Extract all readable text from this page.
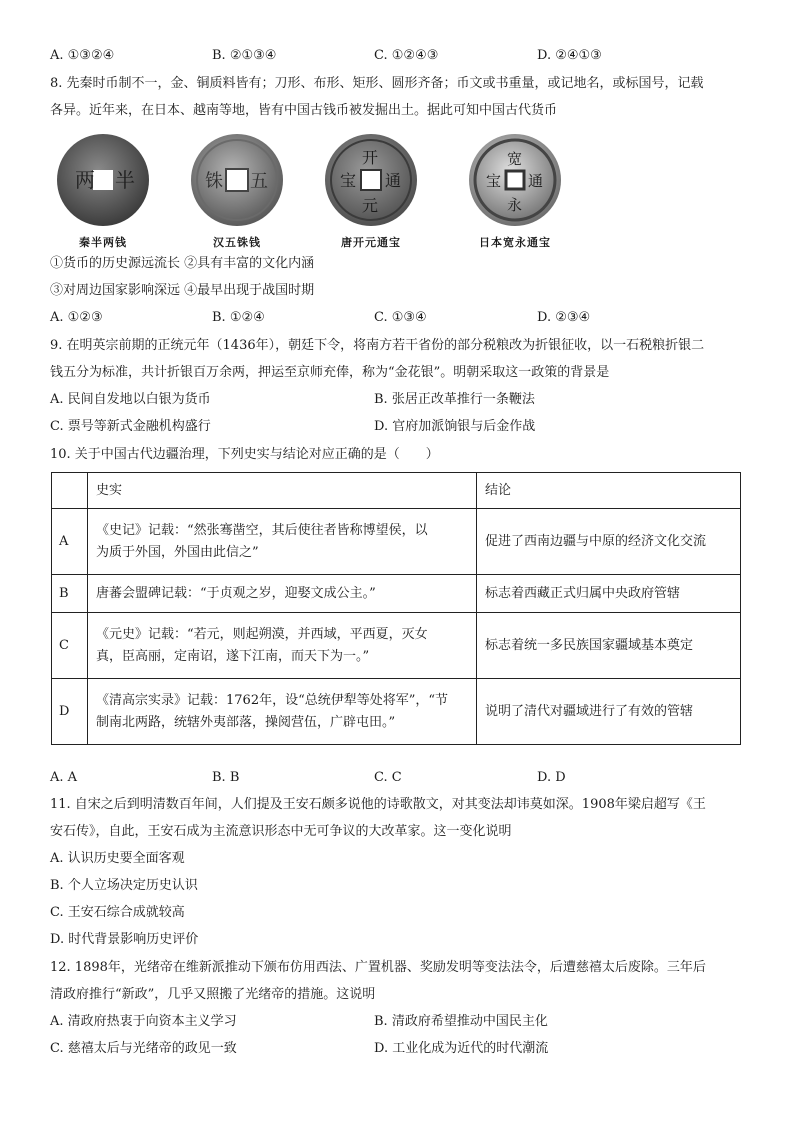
A. ①③②④	B. ②①③④	C. ①②④③	D. ②④①③
8. 先秦时币制不一，金、铜质料皆有；刀形、布形、矩形、圆形齐备；币文或书重量，或记地名，或标国号，记载
各异。近年来，在日本、越南等地，皆有中国古钱币被发掘出土。据此可知中国古代货币
两 半
秦半两钱
铢 五
汉五铢钱
开
元
通
宝
唐开元通宝
宽
永
通
宝
日本宽永通宝
①货币的历史源远流长 ②具有丰富的文化内涵
③对周边国家影响深远 ④最早出现于战国时期
A. ①②③	B. ①②④	C. ①③④	D. ②③④
9. 在明英宗前期的正统元年（1436年），朝廷下令，将南方若干省份的部分税粮改为折银征收，以一石税粮折银二
钱五分为标准，共计折银百万余两，押运至京师充俸，称为“金花银”。明朝采取这一政策的背景是
A. 民间自发地以白银为货币	B. 张居正改革推行一条鞭法
C. 票号等新式金融机构盛行	D. 官府加派饷银与后金作战
10. 关于中国古代边疆治理，下列史实与结论对应正确的是（　　）
	史实	结论
A	《史记》记载：“然张骞凿空，其后使往者皆称博望侯，以
为质于外国，外国由此信之”	促进了西南边疆与中原的经济文化交流
B	唐蕃会盟碑记载：“于贞观之岁，迎娶文成公主。”	标志着西藏正式归属中央政府管辖
C	《元史》记载：“若元，则起朔漠，并西域，平西夏，灭女
真，臣高丽，定南诏，遂下江南，而天下为一。”	标志着统一多民族国家疆域基本奠定
D	《清高宗实录》记载：1762年，设“总统伊犁等处将军”，“节
制南北两路，统辖外夷部落，操阅营伍，广辟屯田。”	说明了清代对疆域进行了有效的管辖
A. A	B. B	C. C	D. D
11. 自宋之后到明清数百年间，人们提及王安石颇多说他的诗歌散文，对其变法却讳莫如深。1908年梁启超写《王
安石传》，自此，王安石成为主流意识形态中无可争议的大改革家。这一变化说明
A. 认识历史要全面客观
B. 个人立场决定历史认识
C. 王安石综合成就较高
D. 时代背景影响历史评价
12. 1898年，光绪帝在维新派推动下颁布仿用西法、广置机器、奖励发明等变法法令，后遭慈禧太后废除。三年后
清政府推行“新政”，几乎又照搬了光绪帝的措施。这说明
A. 清政府热衷于向资本主义学习	B. 清政府希望推动中国民主化
C. 慈禧太后与光绪帝的政见一致	D. 工业化成为近代的时代潮流
